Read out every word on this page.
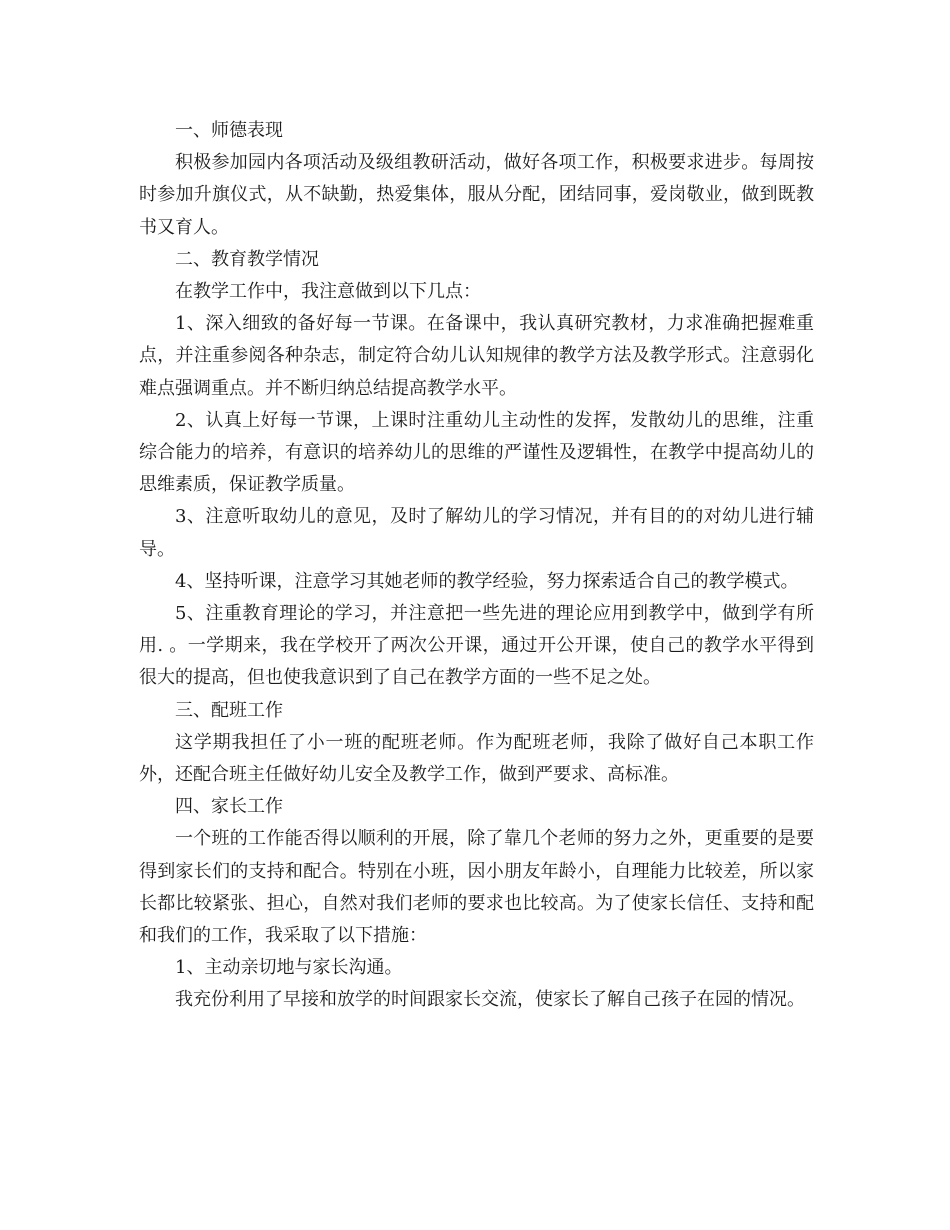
一、师德表现

积极参加园内各项活动及级组教研活动，做好各项工作，积极要求进步。每周按时参加升旗仪式，从不缺勤，热爱集体，服从分配，团结同事，爱岗敬业，做到既教书又育人。

二、教育教学情况

在教学工作中，我注意做到以下几点：

1、深入细致的备好每一节课。在备课中，我认真研究教材，力求准确把握难重点，并注重参阅各种杂志，制定符合幼儿认知规律的教学方法及教学形式。注意弱化难点强调重点。并不断归纳总结提高教学水平。

2、认真上好每一节课，上课时注重幼儿主动性的发挥，发散幼儿的思维，注重综合能力的培养，有意识的培养幼儿的思维的严谨性及逻辑性，在教学中提高幼儿的思维素质，保证教学质量。

3、注意听取幼儿的意见，及时了解幼儿的学习情况，并有目的的对幼儿进行辅导。

4、坚持听课，注意学习其她老师的教学经验，努力探索适合自己的教学模式。

5、注重教育理论的学习，并注意把一些先进的理论应用到教学中，做到学有所用. 。一学期来，我在学校开了两次公开课，通过开公开课，使自己的教学水平得到很大的提高，但也使我意识到了自己在教学方面的一些不足之处。

三、配班工作

这学期我担任了小一班的配班老师。作为配班老师，我除了做好自己本职工作外，还配合班主任做好幼儿安全及教学工作，做到严要求、高标准。

四、家长工作

一个班的工作能否得以顺利的开展，除了靠几个老师的努力之外，更重要的是要得到家长们的支持和配合。特别在小班，因小朋友年龄小，自理能力比较差，所以家长都比较紧张、担心，自然对我们老师的要求也比较高。为了使家长信任、支持和配和我们的工作，我采取了以下措施：

1、主动亲切地与家长沟通。

我充份利用了早接和放学的时间跟家长交流，使家长了解自己孩子在园的情况。
